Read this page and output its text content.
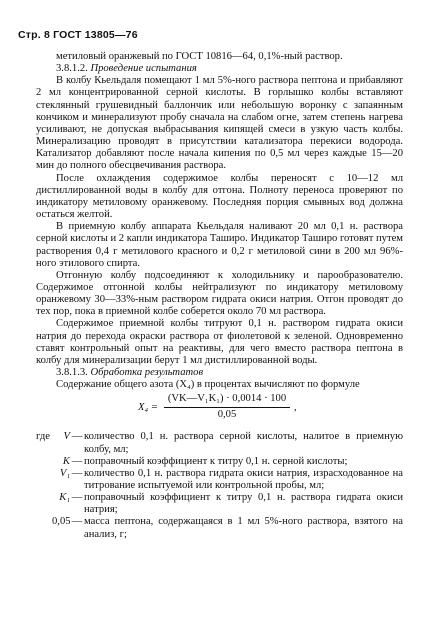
Стр. 8 ГОСТ 13805—76

метиловый оранжевый по ГОСТ 10816—64, 0,1%-ный раствор.

3.8.1.2. Проведение испытания

В колбу Кьельдаля помещают 1 мл 5%-ного раствора пептона и прибавляют 2 мл концентрированной серной кислоты. В горлышко колбы вставляют стеклянный грушевидный баллончик или небольшую воронку с запаянным кончиком и минерализуют пробу сначала на слабом огне, затем степень нагрева усиливают, не допуская выбрасывания кипящей смеси в узкую часть колбы. Минерализацию проводят в присутствии катализатора перекиси водорода. Катализатор добавляют после начала кипения по 0,5 мл через каждые 15—20 мин до полного обесцвечивания раствора.

После охлаждения содержимое колбы переносят с 10—12 мл дистиллированной воды в колбу для отгона. Полноту переноса проверяют по индикатору метиловому оранжевому. Последняя порция смывных вод должна остаться желтой.

В приемную колбу аппарата Кьельдаля наливают 20 мл 0,1 н. раствора серной кислоты и 2 капли индикатора Таширо. Индикатор Таширо готовят путем растворения 0,4 г метилового красного и 0,2 г метиловой сини в 200 мл 96%-ного этилового спирта.

Отгонную колбу подсоединяют к холодильнику и парообразователю. Содержимое отгонной колбы нейтрализуют по индикатору метиловому оранжевому 30—33%-ным раствором гидрата окиси натрия. Отгон проводят до тех пор, пока в приемной колбе соберется около 70 мл раствора.

Содержимое приемной колбы титруют 0,1 н. раствором гидрата окиси натрия до перехода окраски раствора от фиолетовой к зеленой. Одновременно ставят контрольный опыт на реактивы, для чего вместо раствора пептона в колбу для минерализации берут 1 мл дистиллированной воды.

3.8.1.3. Обработка результатов

Содержание общего азота (X₄) в процентах вычисляют по формуле

$X_4 = \frac{\text{(VK—V₁K₁) · 0,0014 · 100}}{0,05}$ ,
где	V — количество 0,1 н. раствора серной кислоты, налитое в приемную колбу, мл;
K — поправочный коэффициент к титру 0,1 н. серной кислоты;
V₁ — количество 0,1 н. раствора гидрата окиси натрия, израсходованное на титрование испытуемой или контрольной пробы, мл;
K₁ — поправочный коэффициент к титру 0,1 н. раствора гидрата окиси натрия;
0,05 — масса пептона, содержащаяся в 1 мл 5%-ного раствора, взятого на анализ, г;
